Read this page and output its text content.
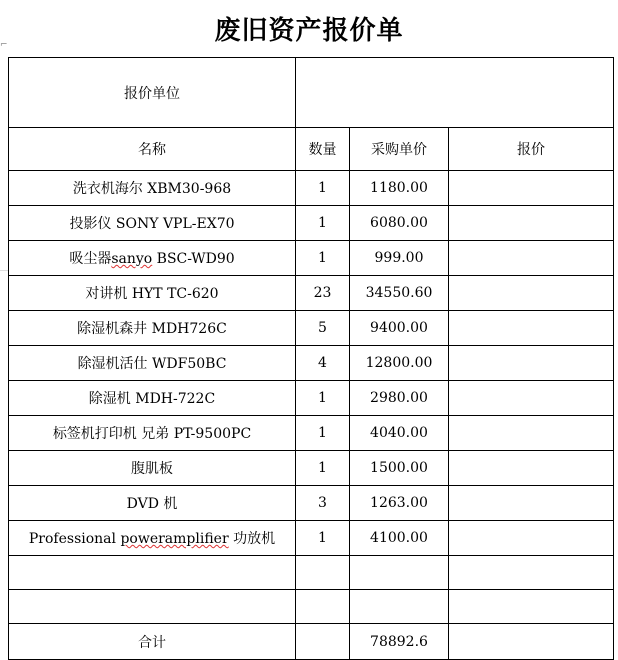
废旧资产报价单
⌐
报价单位			
名称	数量	采购单价	报价
洗衣机海尔 XBM30-968	1	1180.00	
投影仪 SONY VPL-EX70	1	6080.00	
吸尘器sanyo BSC-WD90	1	999.00	
对讲机 HYT TC-620	23	34550.60	
除湿机森井 MDH726C	5	9400.00	
除湿机活仕 WDF50BC	4	12800.00	
除湿机 MDH-722C	1	2980.00	
标签机打印机 兄弟 PT-9500PC	1	4040.00	
腹肌板	1	1500.00	
DVD 机	3	1263.00	
Professional poweramplifier 功放机	1	4100.00	

合计		78892.6	
